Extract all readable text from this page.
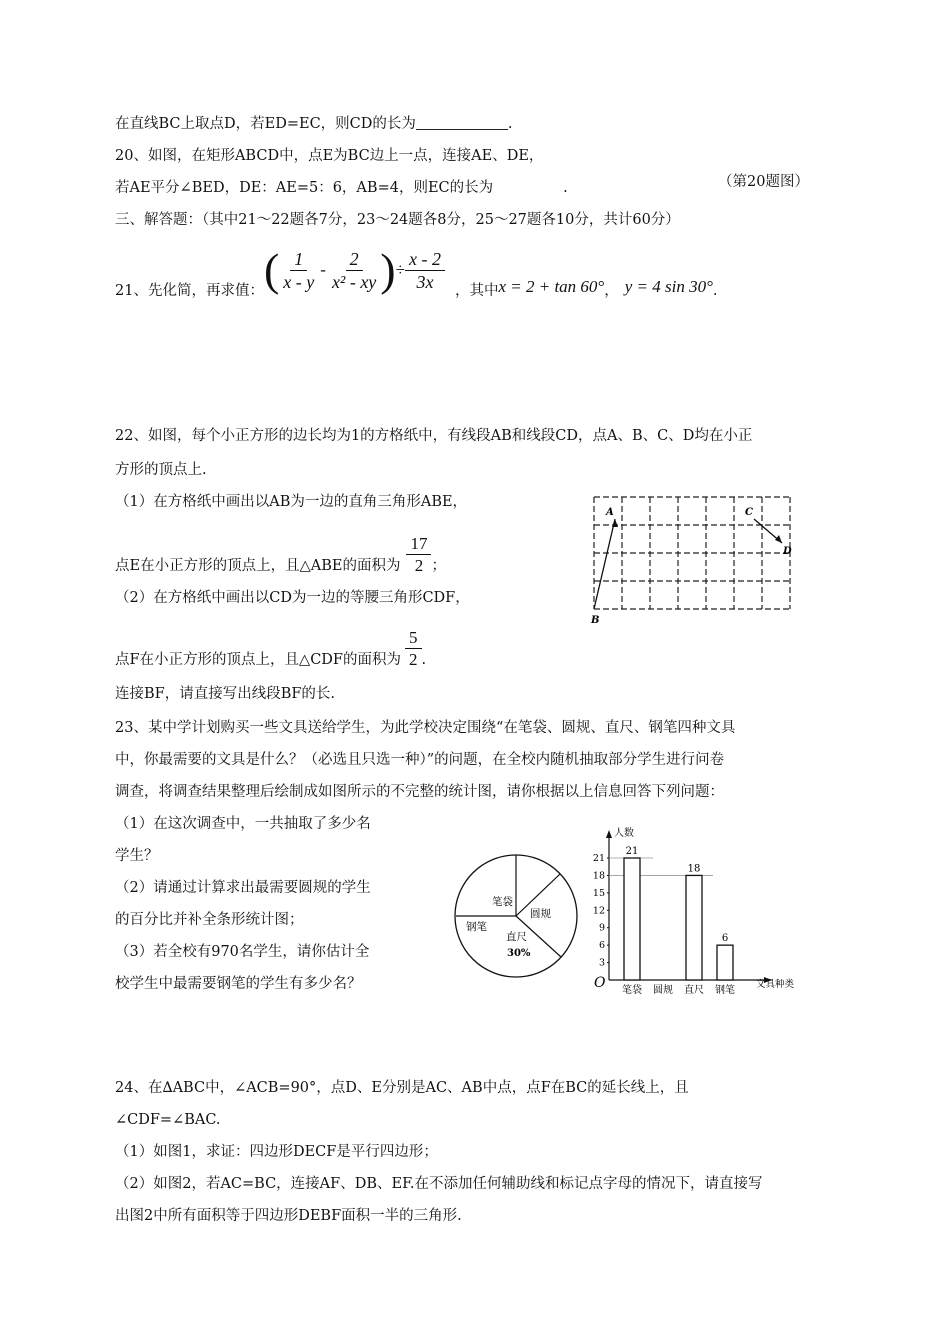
在直线BC上取点D，若ED=EC，则CD的长为	.
20、如图，在矩形ABCD中，点E为BC边上一点，连接AE、DE，
若AE平分∠BED，DE：AE=5：6，AB=4，则EC的长为	.	（第20题图）
三、解答题：（其中21～22题各7分，23～24题各8分，25～27题各10分，共计60分）
21、先化简，再求值： ( $\frac{1}{x - y} - \frac{2}{\text{x² - xy}}$ ) ÷ $\frac{x - 2}{3x}$ ，其中 x = 2 + tan 60° ， y = 4 sin 30° .
22、如图，每个小正方形的边长均为1的方格纸中，有线段AB和线段CD，点A、B、C、D均在小正
方形的顶点上.
（1）在方格纸中画出以AB为一边的直角三角形ABE，
点E在小正方形的顶点上，且△ABE的面积为 $\frac{17}{2}$ ；
（2）在方格纸中画出以CD为一边的等腰三角形CDF，
点F在小正方形的顶点上，且△CDF的面积为 $\frac{5}{2}$ .
连接BF，请直接写出线段BF的长.
A	C
D
B
23、某中学计划购买一些文具送给学生，为此学校决定围绕“在笔袋、圆规、直尺、钢笔四种文具
中，你最需要的文具是什么？（必选且只选一种）”的问题，在全校内随机抽取部分学生进行问卷
调查，将调查结果整理后绘制成如图所示的不完整的统计图，请你根据以上信息回答下列问题：
（1）在这次调查中，一共抽取了多少名
学生？
（2）请通过计算求出最需要圆规的学生
的百分比并补全条形统计图；
（3）若全校有970名学生，请你估计全
校学生中最需要钢笔的学生有多少名？
笔袋
圆规
钢笔
直尺
30%
人数
文具种类
O
3
6
9
12
15
18
21
21
笔袋 圆规
18
直尺
6
钢笔
24、在∆ABC中，∠ACB=90°，点D、E分别是AC、AB中点，点F在BC的延长线上，且
∠CDF=∠BAC.
（1）如图1，求证：四边形DECF是平行四边形；
（2）如图2，若AC=BC，连接AF、DB、EF.在不添加任何辅助线和标记点字母的情况下，请直接写
出图2中所有面积等于四边形DEBF面积一半的三角形.
